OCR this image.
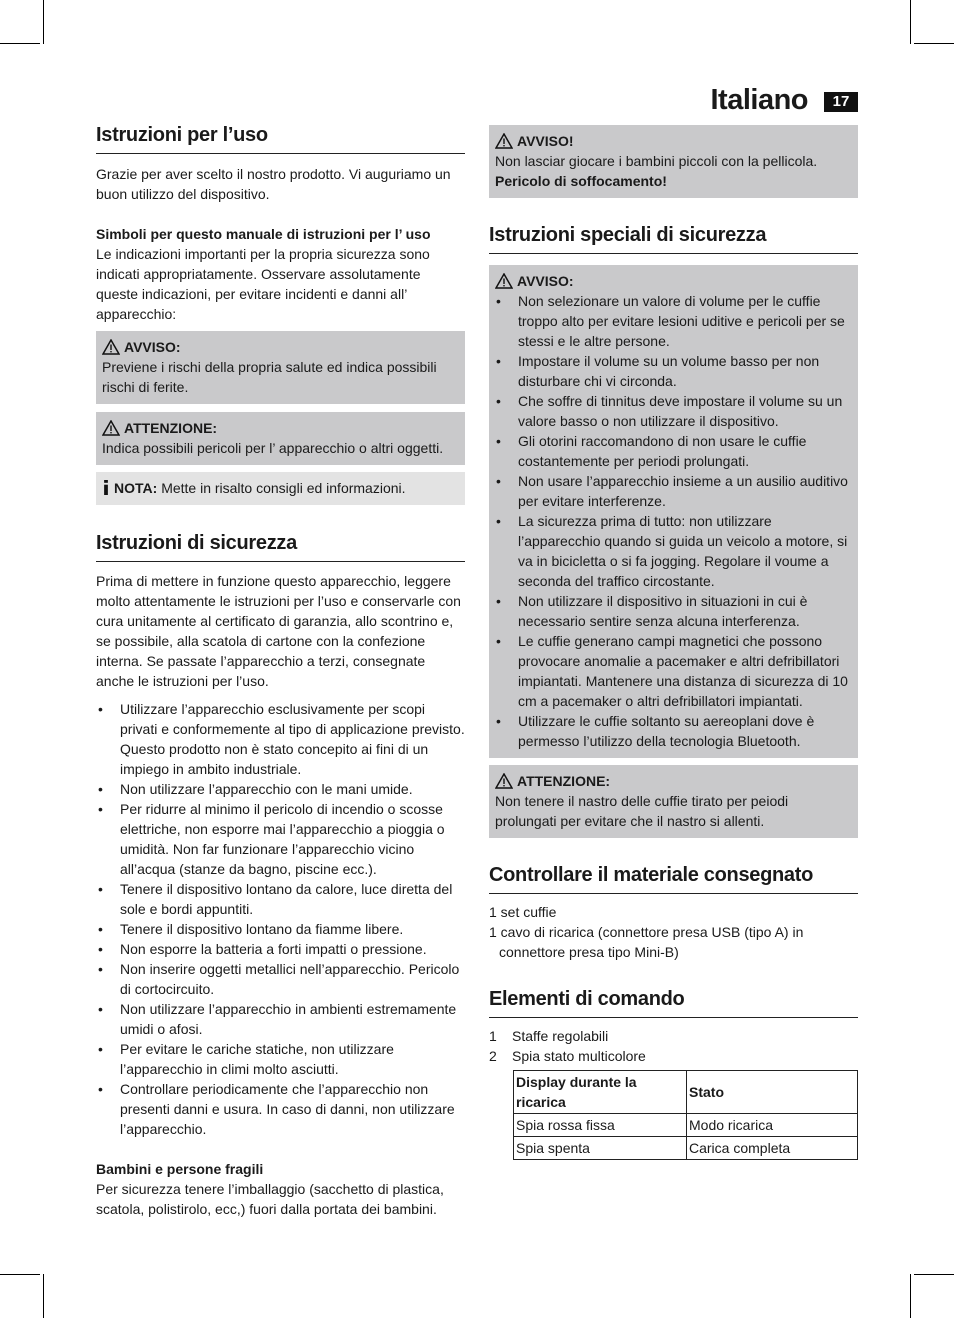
Italiano	17
Istruzioni per l’uso

Grazie per aver scelto il nostro prodotto. Vi auguriamo un buon utilizzo del dispositivo.

Simboli per questo manuale di istruzioni per l’ uso

Le indicazioni importanti per la propria sicurezza sono indicati appropriatamente. Osservare assolutamente queste indicazioni, per evitare incidenti e danni all’ apparecchio:

AVVISO:
Previene i rischi della propria salute ed indica possibili rischi di ferite.
ATTENZIONE:
Indica possibili pericoli per l’ apparecchio o altri oggetti.
NOTA: Mette in risalto consigli ed informazioni.
Istruzioni di sicurezza

Prima di mettere in funzione questo apparecchio, leggere molto attentamente le istruzioni per l’uso e conservarle con cura unitamente al certificato di garanzia, allo scontrino e, se possibile, alla scatola di cartone con la confezione interna. Se passate l’apparecchio a terzi, consegnate anche le istruzioni per l’uso.

• Utilizzare l’apparecchio esclusivamente per scopi privati e conformemente al tipo di applicazione previsto. Questo prodotto non è stato concepito ai fini di un impiego in ambito industriale.
• Non utilizzare l’apparecchio con le mani umide.
• Per ridurre al minimo il pericolo di incendio o scosse elettriche, non esporre mai l’apparecchio a pioggia o umidità. Non far funzionare l’apparecchio vicino all’acqua (stanze da bagno, piscine ecc.).
• Tenere il dispositivo lontano da calore, luce diretta del sole e bordi appuntiti.
• Tenere il dispositivo lontano da fiamme libere.
• Non esporre la batteria a forti impatti o pressione.
• Non inserire oggetti metallici nell’apparecchio. Pericolo di cortocircuito.
• Non utilizzare l’apparecchio in ambienti estremamente umidi o afosi.
• Per evitare le cariche statiche, non utilizzare l’apparecchio in climi molto asciutti.
• Controllare periodicamente che l’apparecchio non presenti danni e usura. In caso di danni, non utilizzare l’apparecchio.
Bambini e persone fragili

Per sicurezza tenere l’imballaggio (sacchetto di plastica, scatola, polistirolo, ecc,) fuori dalla portata dei bambini.

AVVISO!
Non lasciar giocare i bambini piccoli con la pellicola. Pericolo di soffocamento!
Istruzioni speciali di sicurezza
AVVISO:
• Non selezionare un valore di volume per le cuffie troppo alto per evitare lesioni uditive e pericoli per se stessi e le altre persone.
• Impostare il volume su un volume basso per non disturbare chi vi circonda.
• Che soffre di tinnitus deve impostare il volume su un valore basso o non utilizzare il dispositivo.
• Gli otorini raccomandono di non usare le cuffie costantemente per periodi prolungati.
• Non usare l’apparecchio insieme a un ausilio auditivo per evitare interferenze.
• La sicurezza prima di tutto: non utilizzare l’apparecchio quando si guida un veicolo a motore, si va in bicicletta o si fa jogging. Regolare il voume a seconda del traffico circostante.
• Non utilizzare il dispositivo in situazioni in cui è necessario sentire senza alcuna interferenza.
• Le cuffie generano campi magnetici che possono provocare anomalie a pacemaker e altri defribillatori impiantati. Mantenere una distanza di sicurezza di 10 cm a pacemaker o altri defribillatori impiantati.
• Utilizzare le cuffie soltanto su aereoplani dove è permesso l’utilizzo della tecnologia Bluetooth.
ATTENZIONE:
Non tenere il nastro delle cuffie tirato per peiodi prolungati per evitare che il nastro si allenti.
Controllare il materiale consegnato

1 set cuffie

1 cavo di ricarica (connettore presa USB (tipo A) in connettore presa tipo Mini-B)

Elementi di comando
1	Staffe regolabili
2	Spia stato multicolore
Display durante la ricarica	Stato
Spia rossa fissa	Modo ricarica
Spia spenta	Carica completa
